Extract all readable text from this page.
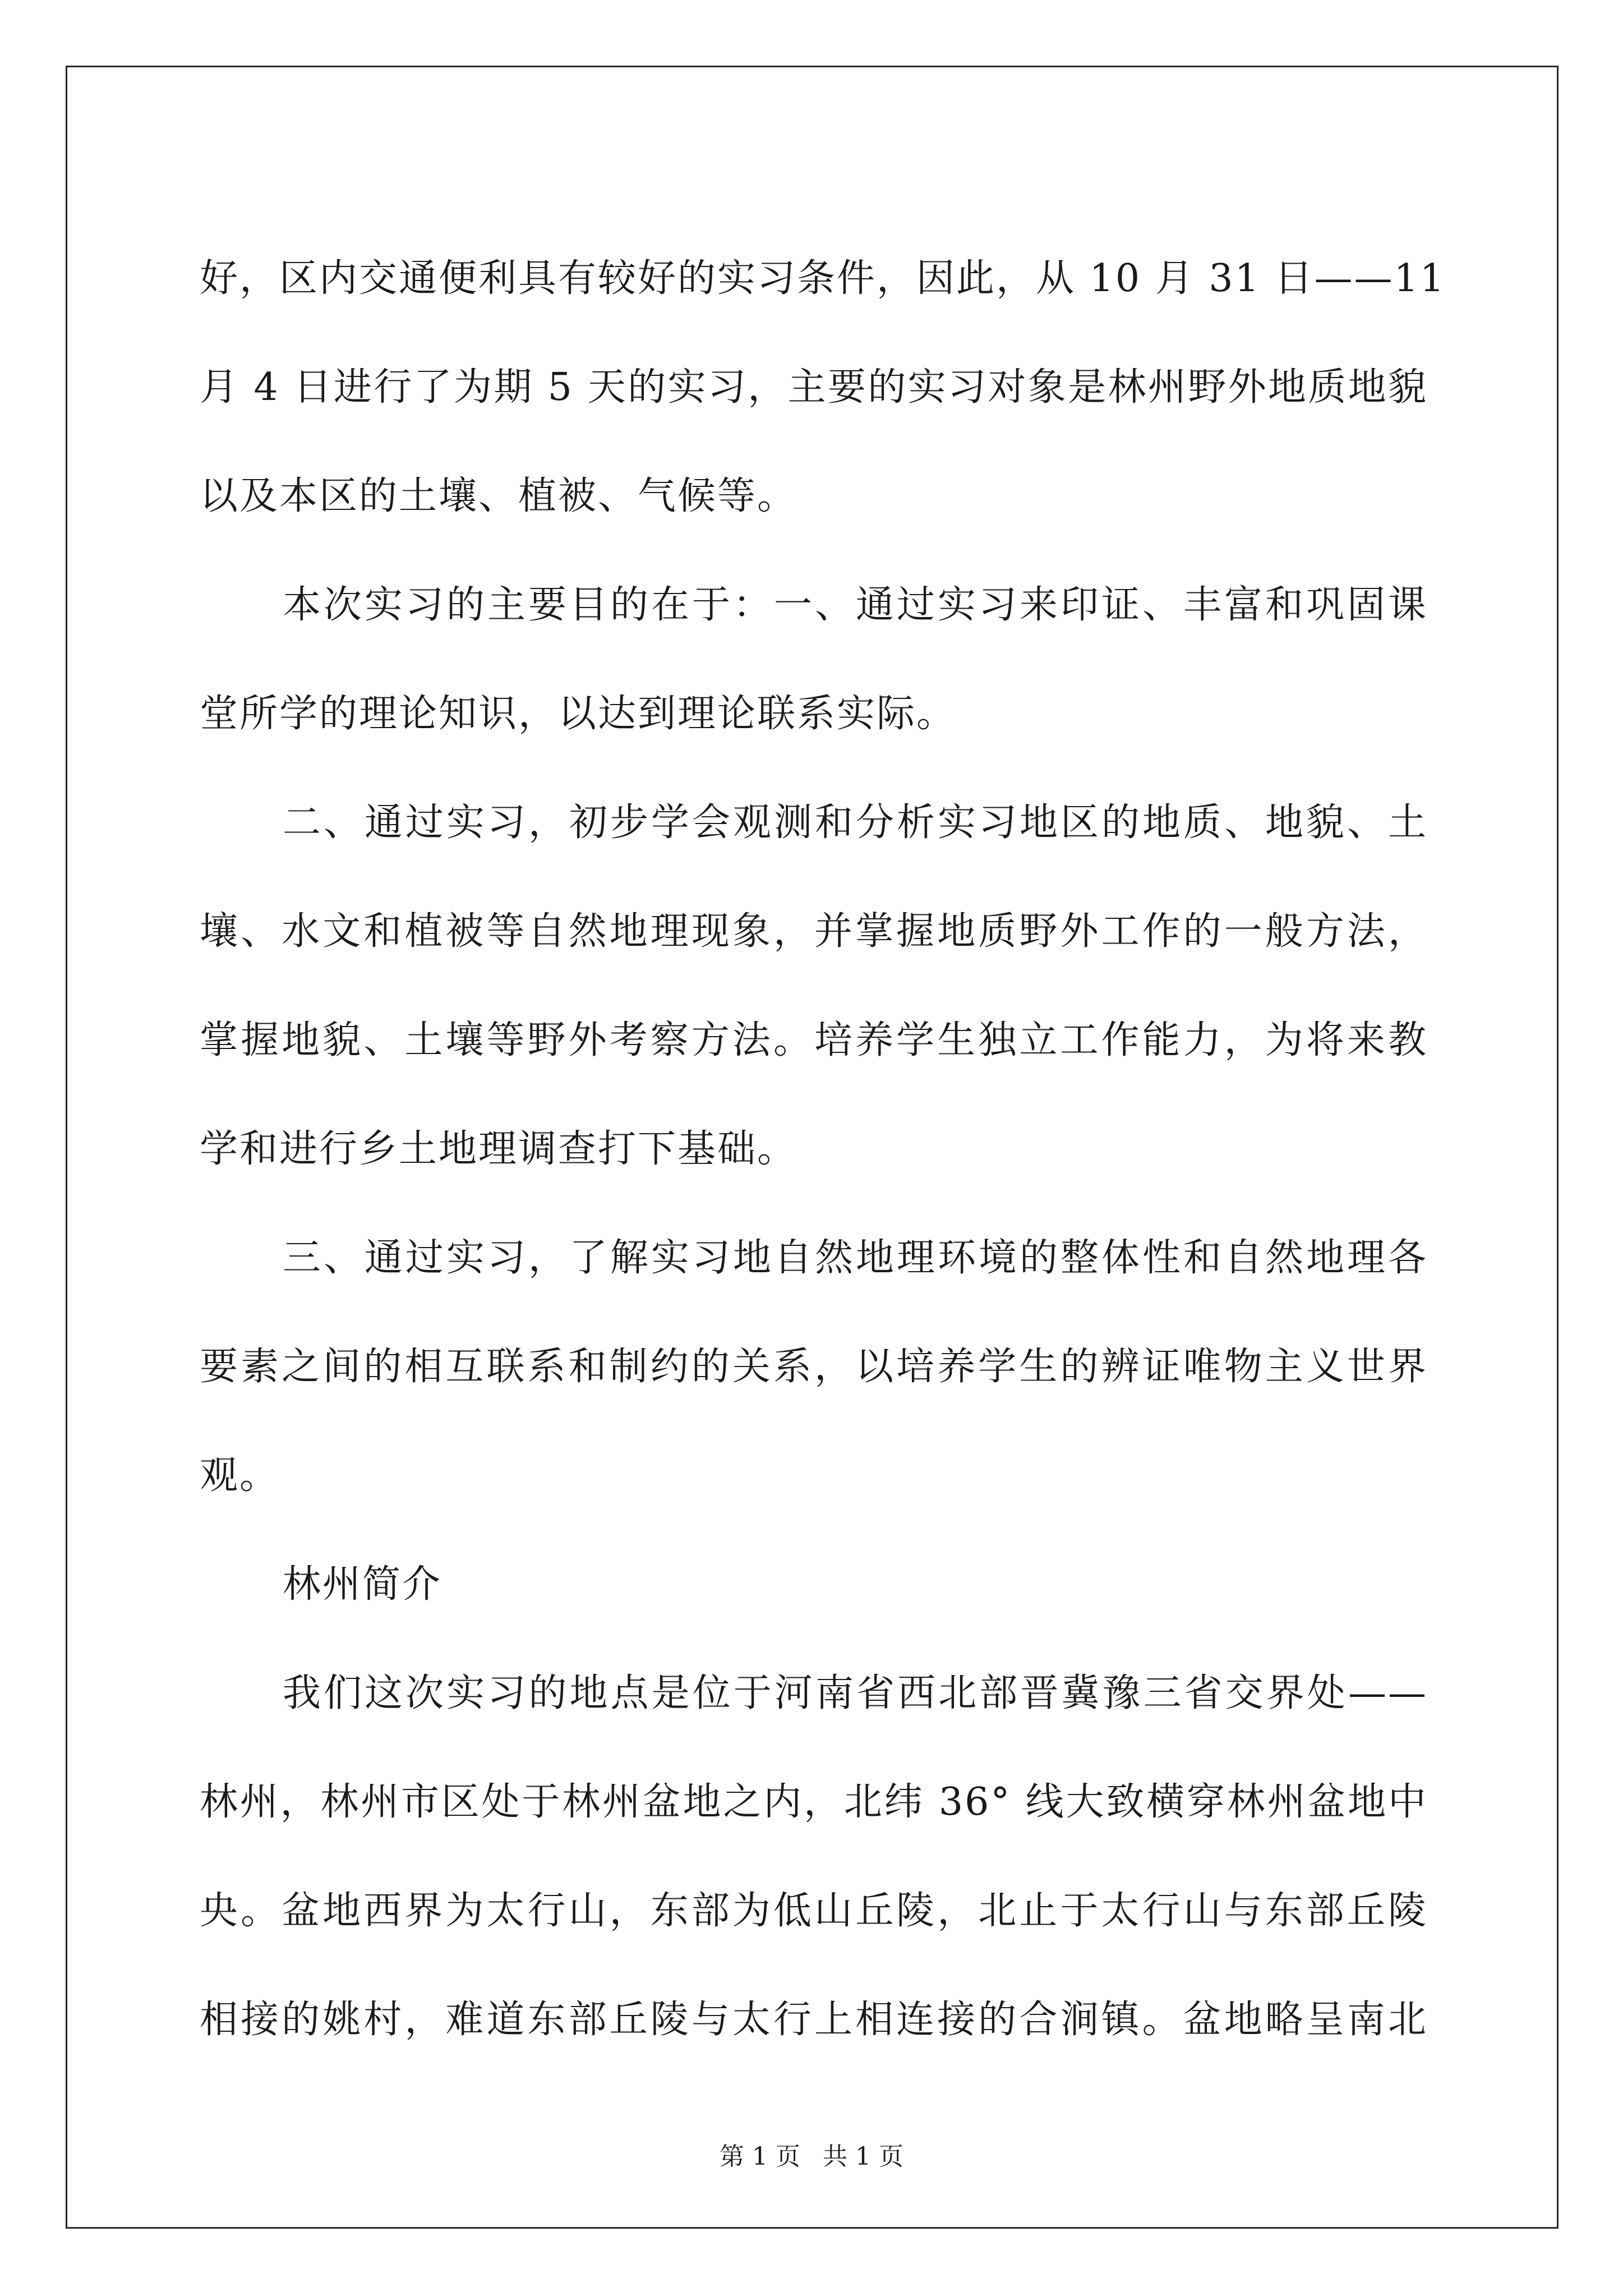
好，区内交通便利具有较好的实习条件，因此，从 10 月 31 日——11
月 4 日进行了为期 5 天的实习，主要的实习对象是林州野外地质地貌
以及本区的土壤、植被、气候等。
本次实习的主要目的在于：一、通过实习来印证、丰富和巩固课
堂所学的理论知识，以达到理论联系实际。
二、通过实习，初步学会观测和分析实习地区的地质、地貌、土
壤、水文和植被等自然地理现象，并掌握地质野外工作的一般方法，
掌握地貌、土壤等野外考察方法。培养学生独立工作能力，为将来教
学和进行乡土地理调查打下基础。
三、通过实习，了解实习地自然地理环境的整体性和自然地理各
要素之间的相互联系和制约的关系，以培养学生的辨证唯物主义世界
观。
林州简介
我们这次实习的地点是位于河南省西北部晋冀豫三省交界处——
林州，林州市区处于林州盆地之内，北纬 36° 线大致横穿林州盆地中
央。盆地西界为太行山，东部为低山丘陵，北止于太行山与东部丘陵
相接的姚村，难道东部丘陵与太行上相连接的合涧镇。盆地略呈南北
第 1 页 共 1 页
